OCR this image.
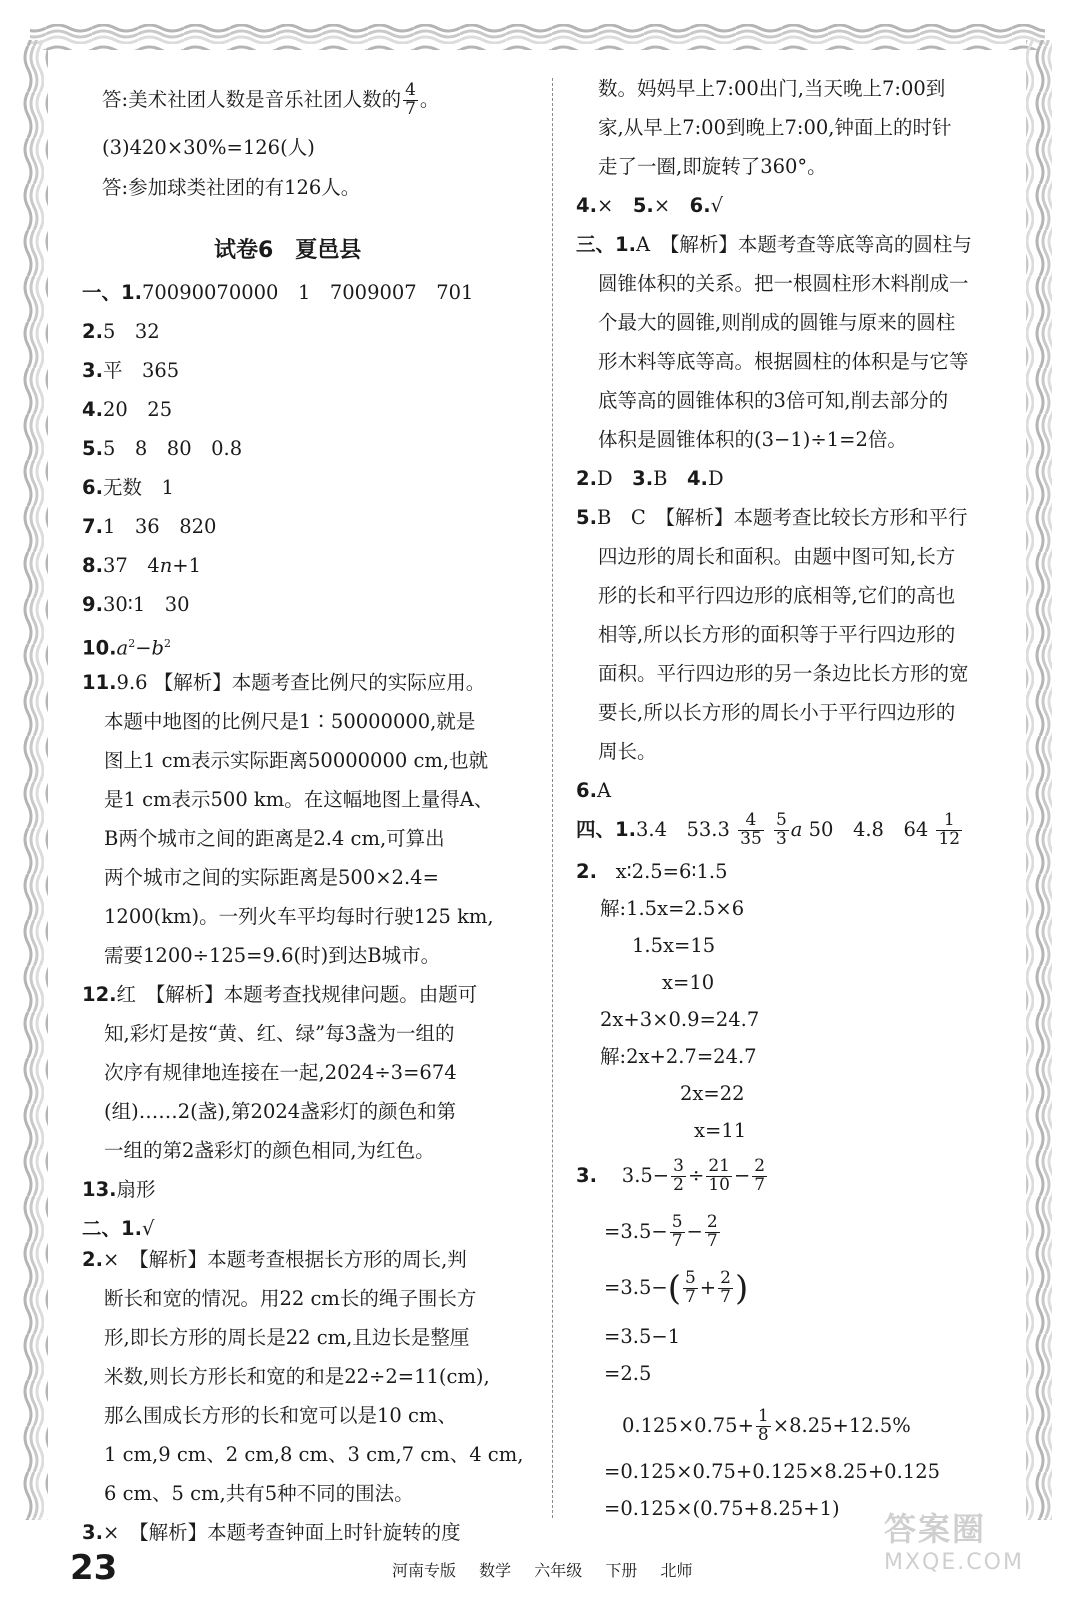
答:美术社团人数是音乐社团人数的 $\frac{4}{7}$ 。
(3)420×30%=126(人)
答:参加球类社团的有126人。
试卷6　夏邑县
一、1.70090070000　1　7009007　701
2.5　32
3.平　365
4.20　25
5.5　8　80　0.8
6.无数　1
7.1　36　820
8.37　4n+1
9.30∶1　30
$10.a^2-b^2$
11.9.6 【解析】本题考查比例尺的实际应用。
本题中地图的比例尺是1∶50000000,就是
图上1 cm表示实际距离50000000 cm,也就
是1 cm表示500 km。在这幅地图上量得A、
B两个城市之间的距离是2.4 cm,可算出
两个城市之间的实际距离是500×2.4=
1200(km)。一列火车平均每时行驶125 km,
需要1200÷125=9.6(时)到达B城市。
12.红　【解析】本题考查找规律问题。由题可
知,彩灯是按“黄、红、绿”每3盏为一组的
次序有规律地连接在一起,2024÷3=674
(组)……2(盏),第2024盏彩灯的颜色和第
一组的第2盏彩灯的颜色相同,为红色。
13.扇形
二、1.√
2.×　【解析】本题考查根据长方形的周长,判
断长和宽的情况。用22 cm长的绳子围长方
形,即长方形的周长是22 cm,且边长是整厘
米数,则长方形长和宽的和是22÷2=11(cm),
那么围成长方形的长和宽可以是10 cm、
1 cm,9 cm、2 cm,8 cm、3 cm,7 cm、4 cm,
6 cm、5 cm,共有5种不同的围法。
3.×　【解析】本题考查钟面上时针旋转的度
数。妈妈早上7:00出门,当天晚上7:00到
家,从早上7:00到晚上7:00,钟面上的时针
走了一圈,即旋转了360°。
4.×　5.×　6.√
三、1.A　【解析】本题考查等底等高的圆柱与
圆锥体积的关系。把一根圆柱形木料削成一
个最大的圆锥,则削成的圆锥与原来的圆柱
形木料等底等高。根据圆柱的体积是与它等
底等高的圆锥体积的3倍可知,削去部分的
体积是圆锥体积的(3−1)÷1=2倍。
2.D　3.B　4.D
5.B　C　【解析】本题考查比较长方形和平行
四边形的周长和面积。由题中图可知,长方
形的长和平行四边形的底相等,它们的高也
相等,所以长方形的面积等于平行四边形的
面积。平行四边形的另一条边比长方形的宽
要长,所以长方形的周长小于平行四边形的
周长。
6.A
四、1.3.4　$53.3 \frac{4}{35}$
$\frac{5}{3}$ a 50　4.8　$64 \frac{1}{12}$
2. x∶2.5=6∶1.5
解:1.5x=2.5×6
1.5x=15
x=10
2x+3×0.9=24.7
解:2x+2.7=24.7
2x=22
x=11
3. $3.5- \frac{3}{2} \div \frac{21}{10} - \frac{2}{7}$
$=3.5- \frac{5}{7} - \frac{2}{7}$
$=3.5-( \frac{5}{7} + \frac{2}{7}$ )
=3.5−1
=2.5
$0.125\times 0.75+ \frac{1}{8} \times 8.25+12.5\%$
=0.125×0.75+0.125×8.25+0.125
=0.125×(0.75+8.25+1)
23	河南专版 数学 六年级 下册 北师
答案圈
MXQE.COM
